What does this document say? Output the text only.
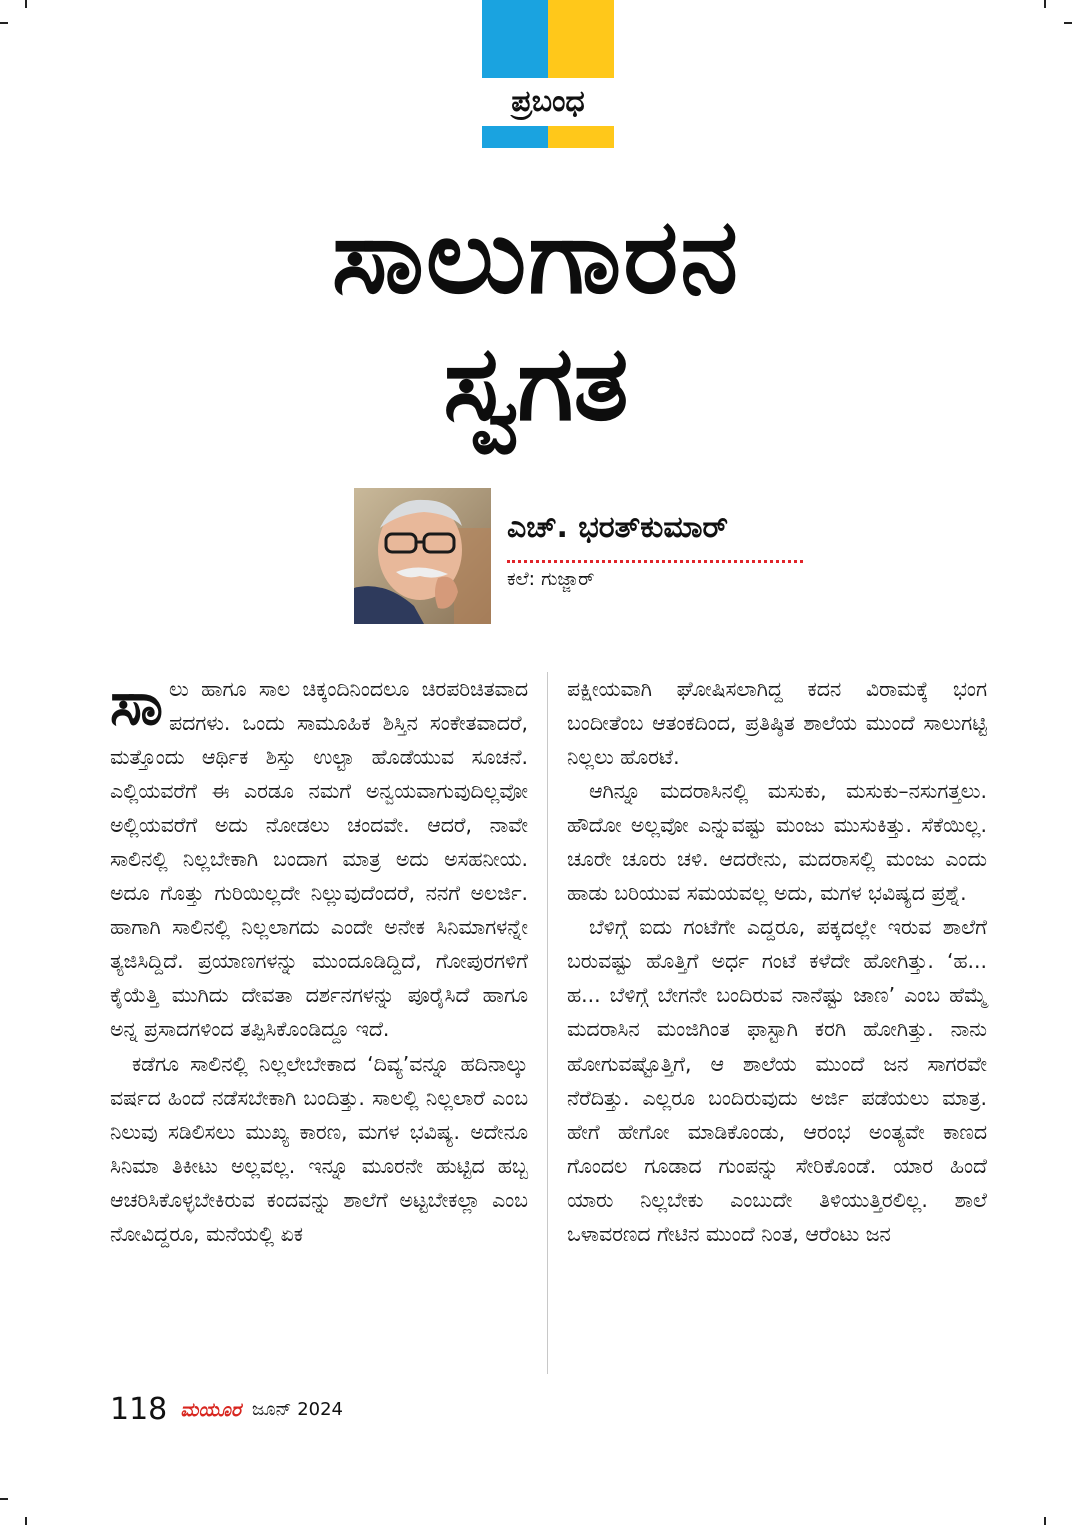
ಪ್ರಬಂಧ
ಸಾಲುಗಾರನ
ಸ್ವಗತ
ಎಚ್‌. ಭರತ್‌ಕುಮಾರ್
ಕಲೆ: ಗುಜ್ಜಾರ್

ಸಾಲು ಹಾಗೂ ಸಾಲ ಚಿಕ್ಕಂದಿನಿಂದಲೂ ಚಿರಪರಿಚಿತವಾದ ಪದಗಳು. ಒಂದು ಸಾಮೂಹಿಕ ಶಿಸ್ತಿನ ಸಂಕೇತವಾದರೆ, ಮತ್ತೊಂದು ಆರ್ಥಿಕ ಶಿಸ್ತು ಉಲ್ಟಾ ಹೊಡೆಯುವ ಸೂಚನೆ. ಎಲ್ಲಿಯವರೆಗೆ ಈ ಎರಡೂ ನಮಗೆ ಅನ್ವಯವಾಗುವುದಿಲ್ಲವೋ ಅಲ್ಲಿಯವರೆಗೆ ಅದು ನೋಡಲು ಚಂದವೇ. ಆದರೆ, ನಾವೇ ಸಾಲಿನಲ್ಲಿ ನಿಲ್ಲಬೇಕಾಗಿ ಬಂದಾಗ ಮಾತ್ರ ಅದು ಅಸಹನೀಯ. ಅದೂ ಗೊತ್ತು ಗುರಿಯಿಲ್ಲದೇ ನಿಲ್ಲುವುದೆಂದರೆ, ನನಗೆ ಅಲರ್ಜಿ. ಹಾಗಾಗಿ ಸಾಲಿನಲ್ಲಿ ನಿಲ್ಲಲಾಗದು ಎಂದೇ ಅನೇಕ ಸಿನಿಮಾಗಳನ್ನೇ ತ್ಯಜಿಸಿದ್ದಿದೆ. ಪ್ರಯಾಣಗಳನ್ನು ಮುಂದೂಡಿದ್ದಿದೆ, ಗೋಪುರಗಳಿಗೆ ಕೈಯೆತ್ತಿ ಮುಗಿದು ದೇವತಾ ದರ್ಶನಗಳನ್ನು ಪೂರೈಸಿದೆ ಹಾಗೂ ಅನ್ನ ಪ್ರಸಾದಗಳಿಂದ ತಪ್ಪಿಸಿಕೊಂಡಿದ್ದೂ ಇದೆ.

ಕಡೆಗೂ ಸಾಲಿನಲ್ಲಿ ನಿಲ್ಲಲೇಬೇಕಾದ ‘ದಿವ್ಯ’ವನ್ನೂ ಹದಿನಾಲ್ಕು ವರ್ಷದ ಹಿಂದೆ ನಡೆಸಬೇಕಾಗಿ ಬಂದಿತ್ತು. ಸಾಲಲ್ಲಿ ನಿಲ್ಲಲಾರೆ ಎಂಬ ನಿಲುವು ಸಡಿಲಿಸಲು ಮುಖ್ಯ ಕಾರಣ, ಮಗಳ ಭವಿಷ್ಯ. ಅದೇನೂ ಸಿನಿಮಾ ತಿಕೀಟು ಅಲ್ಲವಲ್ಲ. ಇನ್ನೂ ಮೂರನೇ ಹುಟ್ಟಿದ ಹಬ್ಬ ಆಚರಿಸಿಕೊಳ್ಳಬೇಕಿರುವ ಕಂದವನ್ನು ಶಾಲೆಗೆ ಅಟ್ಟಬೇಕಲ್ಲಾ ಎಂಬ ನೋವಿದ್ದರೂ, ಮನೆಯಲ್ಲಿ ಏಕ

ಪಕ್ಷೀಯವಾಗಿ ಘೋಷಿಸಲಾಗಿದ್ದ ಕದನ ವಿರಾಮಕ್ಕೆ ಭಂಗ ಬಂದೀತೆಂಬ ಆತಂಕದಿಂದ, ಪ್ರತಿಷ್ಠಿತ ಶಾಲೆಯ ಮುಂದೆ ಸಾಲುಗಟ್ಟಿ ನಿಲ್ಲಲು ಹೊರಟೆ.

ಆಗಿನ್ನೂ ಮದರಾಸಿನಲ್ಲಿ ಮಸುಕು, ಮಸುಕು–ನಸುಗತ್ತಲು. ಹೌದೋ ಅಲ್ಲವೋ ಎನ್ನುವಷ್ಟು ಮಂಜು ಮುಸುಕಿತ್ತು. ಸೆಕೆಯಿಲ್ಲ. ಚೂರೇ ಚೂರು ಚಳಿ. ಆದರೇನು, ಮದರಾಸಲ್ಲಿ ಮಂಜು ಎಂದು ಹಾಡು ಬರಿಯುವ ಸಮಯವಲ್ಲ ಅದು, ಮಗಳ ಭವಿಷ್ಯದ ಪ್ರಶ್ನೆ.

ಬೆಳಿಗ್ಗೆ ಐದು ಗಂಟೆಗೇ ಎದ್ದರೂ, ಪಕ್ಕದಲ್ಲೇ ಇರುವ ಶಾಲೆಗೆ ಬರುವಷ್ಟು ಹೊತ್ತಿಗೆ ಅರ್ಧ ಗಂಟೆ ಕಳೆದೇ ಹೋಗಿತ್ತು. ‘ಹ... ಹ... ಬೆಳಿಗ್ಗೆ ಬೇಗನೇ ಬಂದಿರುವ ನಾನೆಷ್ಟು ಜಾಣ’ ಎಂಬ ಹೆಮ್ಮೆ ಮದರಾಸಿನ ಮಂಜಿಗಿಂತ ಫಾಸ್ಟಾಗಿ ಕರಗಿ ಹೋಗಿತ್ತು. ನಾನು ಹೋಗುವಷ್ಟೊತ್ತಿಗೆ, ಆ ಶಾಲೆಯ ಮುಂದೆ ಜನ ಸಾಗರವೇ ನೆರೆದಿತ್ತು. ಎಲ್ಲರೂ ಬಂದಿರುವುದು ಅರ್ಜಿ ಪಡೆಯಲು ಮಾತ್ರ. ಹೇಗೆ ಹೇಗೋ ಮಾಡಿಕೊಂಡು, ಆರಂಭ ಅಂತ್ಯವೇ ಕಾಣದ ಗೊಂದಲ ಗೂಡಾದ ಗುಂಪನ್ನು ಸೇರಿಕೊಂಡೆ. ಯಾರ ಹಿಂದೆ ಯಾರು ನಿಲ್ಲಬೇಕು ಎಂಬುದೇ ತಿಳಿಯುತ್ತಿರಲಿಲ್ಲ. ಶಾಲೆ ಒಳಾವರಣದ ಗೇಟಿನ ಮುಂದೆ ನಿಂತ, ಆರೆಂಟು ಜನ

118 ಮಯೂರ ಜೂನ್ 2024
